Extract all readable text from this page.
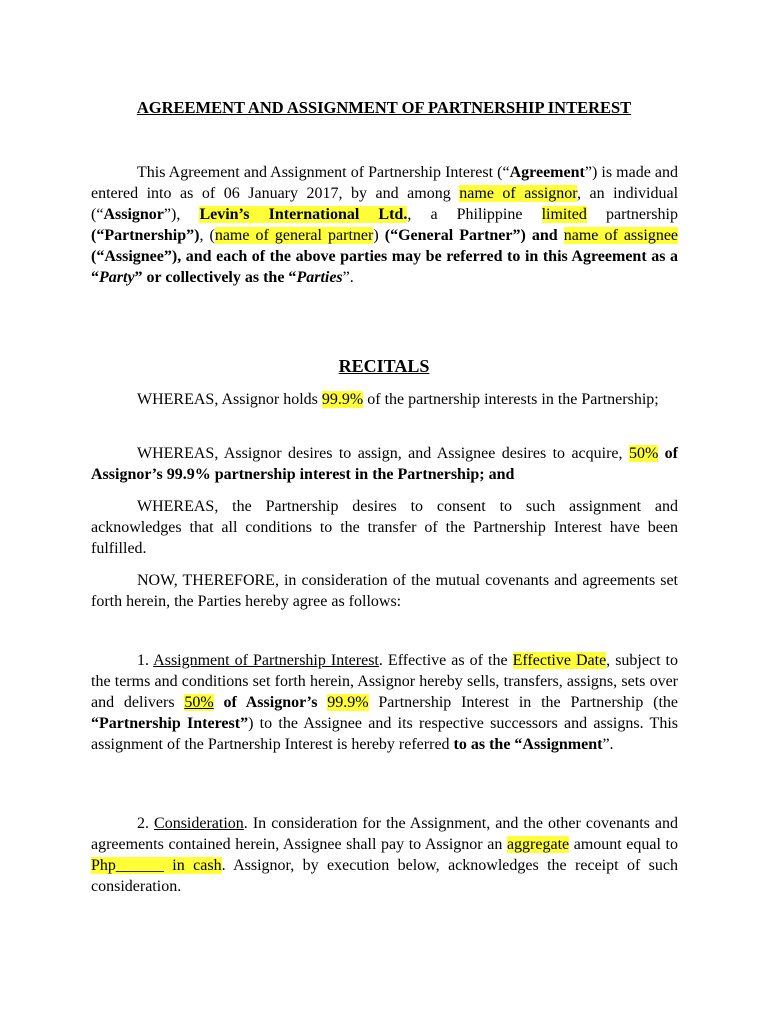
AGREEMENT AND ASSIGNMENT OF PARTNERSHIP INTEREST
This Agreement and Assignment of Partnership Interest (“Agreement”) is made and entered into as of 06 January 2017, by and among name of assignor, an individual (“Assignor”), Levin’s International Ltd., a Philippine limited partnership (“Partnership”), (name of general partner) (“General Partner”) and name of assignee (“Assignee”), and each of the above parties may be referred to in this Agreement as a “Party” or collectively as the “Parties”.
RECITALS
WHEREAS, Assignor holds 99.9% of the partnership interests in the Partnership;
WHEREAS, Assignor desires to assign, and Assignee desires to acquire, 50% of Assignor’s 99.9% partnership interest in the Partnership; and
WHEREAS, the Partnership desires to consent to such assignment and acknowledges that all conditions to the transfer of the Partnership Interest have been fulfilled.
NOW, THEREFORE, in consideration of the mutual covenants and agreements set forth herein, the Parties hereby agree as follows:
1. Assignment of Partnership Interest. Effective as of the Effective Date, subject to the terms and conditions set forth herein, Assignor hereby sells, transfers, assigns, sets over and delivers 50% of Assignor’s 99.9% Partnership Interest in the Partnership (the “Partnership Interest”) to the Assignee and its respective successors and assigns. This assignment of the Partnership Interest is hereby referred to as the “Assignment”.
2. Consideration. In consideration for the Assignment, and the other covenants and agreements contained herein, Assignee shall pay to Assignor an aggregate amount equal to Php______ in cash. Assignor, by execution below, acknowledges the receipt of such consideration.
